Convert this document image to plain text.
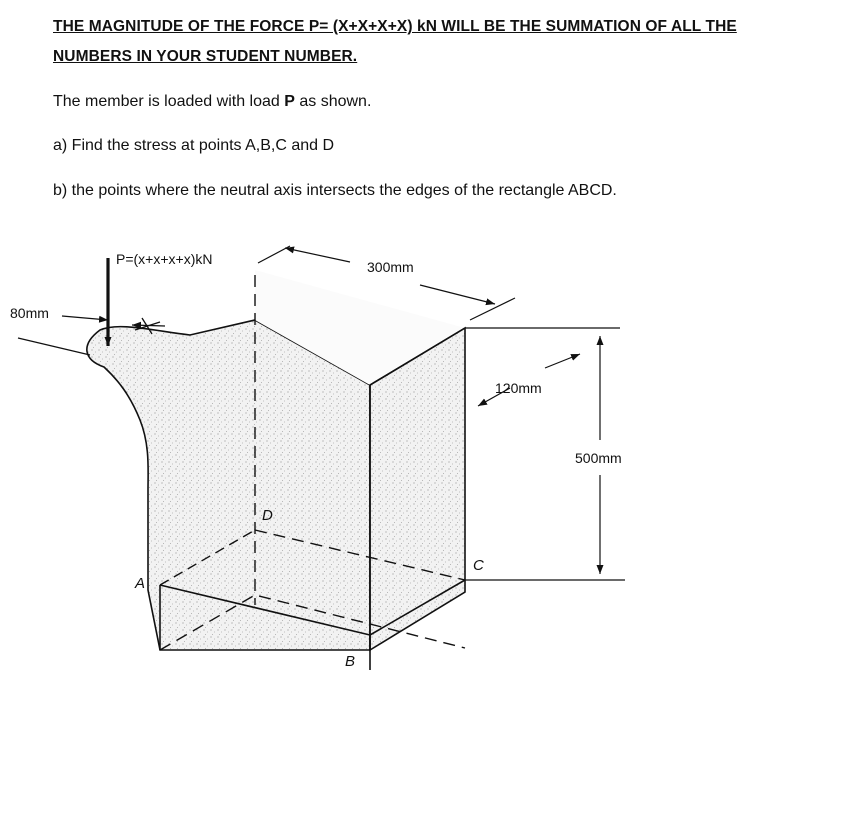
THE MAGNITUDE OF THE FORCE P= (X+X+X+X) kN WILL BE THE SUMMATION OF ALL THE
NUMBERS IN YOUR STUDENT NUMBER.
The member is loaded with load P as shown.
a) Find the stress at points A,B,C and D
b) the points where the neutral axis intersects the edges of the rectangle ABCD.
P=(x+x+x+x)kN	300mm
80mm
120mm
500mm
A
B
C
D
